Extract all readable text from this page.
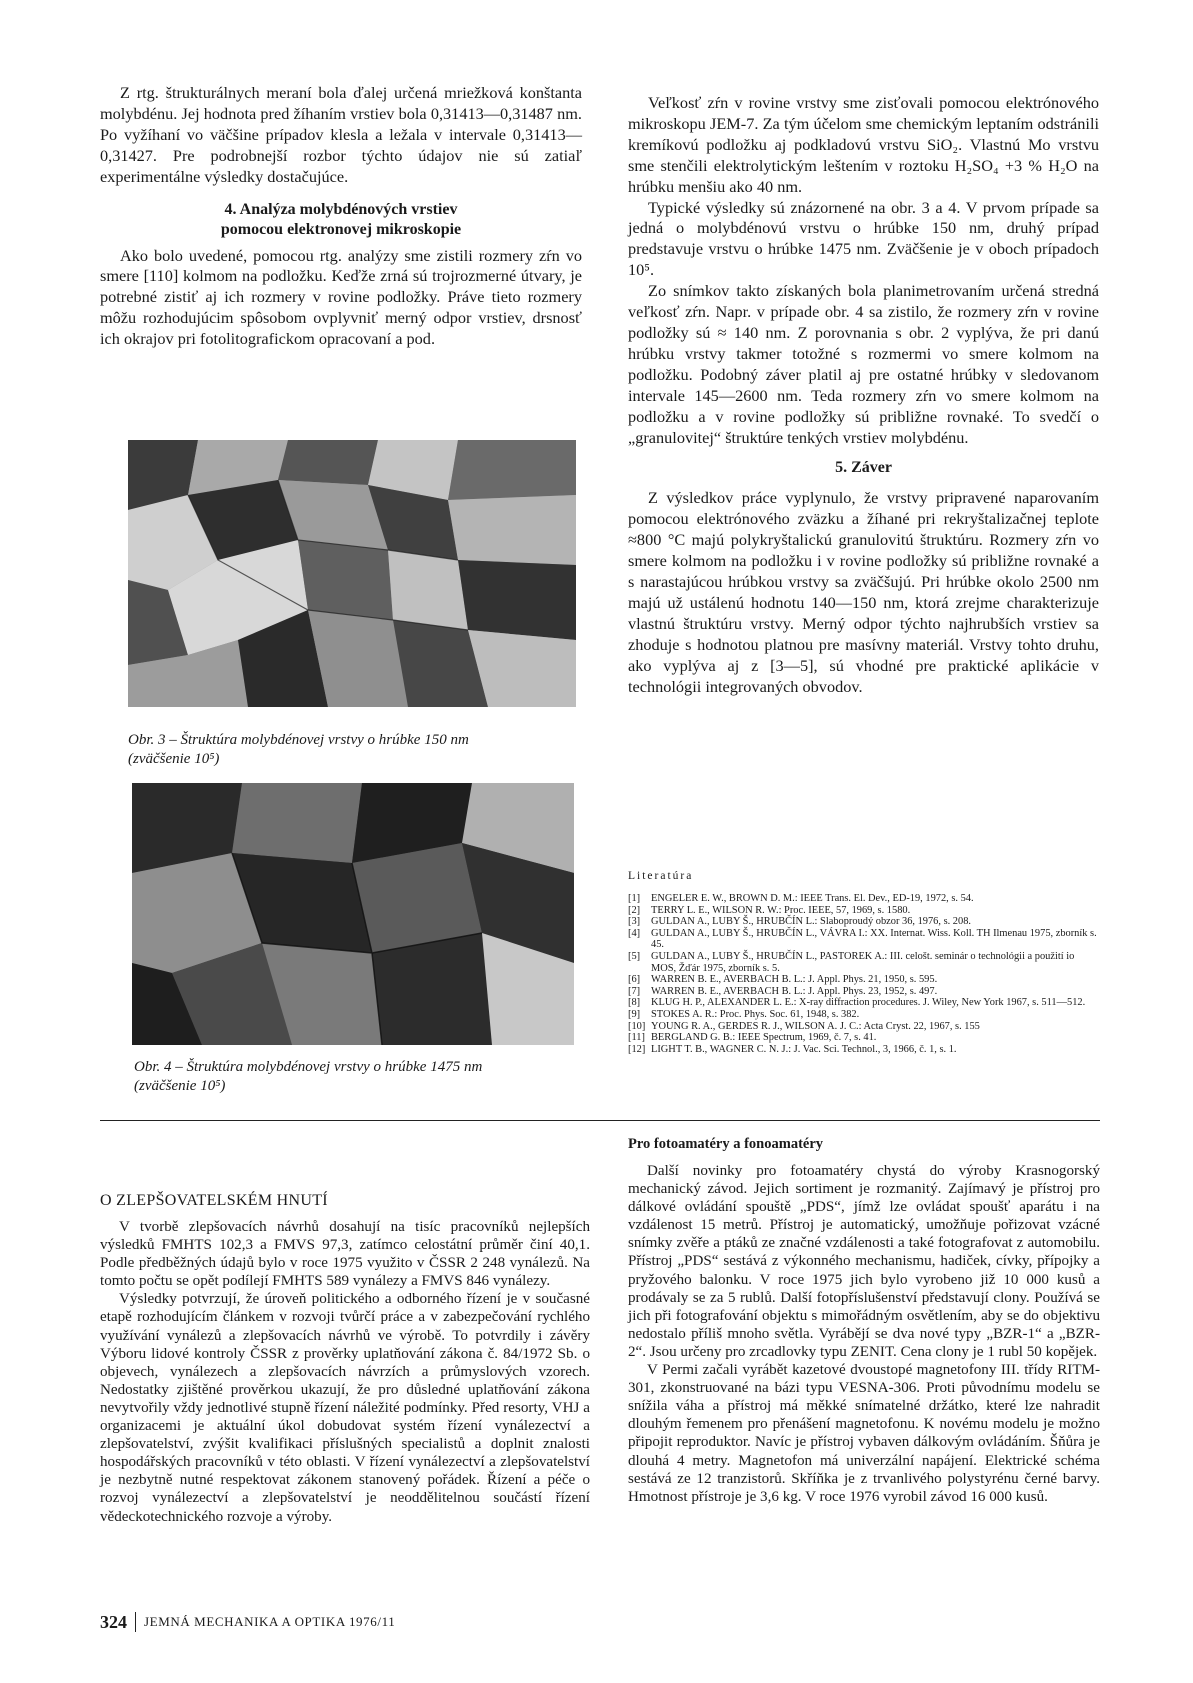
Z rtg. štrukturálnych meraní bola ďalej určená mriežková konštanta molybdénu. Jej hodnota pred žíhaním vrstiev bola 0,31413—0,31487 nm. Po vyžíhaní vo väčšine prípadov klesla a ležala v intervale 0,31413—0,31427. Pre podrobnejší rozbor týchto údajov nie sú zatiaľ experimentálne výsledky dostačujúce.

4. Analýza molybdénových vrstiev

pomocou elektronovej mikroskopie

Ako bolo uvedené, pomocou rtg. analýzy sme zistili rozmery zŕn vo smere [110] kolmom na podložku. Keďže zrná sú trojrozmerné útvary, je potrebné zistiť aj ich rozmery v rovine podložky. Práve tieto rozmery môžu rozhodujúcim spôsobom ovplyvniť merný odpor vrstiev, drsnosť ich okrajov pri fotolitografickom opracovaní a pod.

Obr. 3 – Štruktúra molybdénovej vrstvy o hrúbke 150 nm
(zväčšenie 10⁵)

Obr. 4 – Štruktúra molybdénovej vrstvy o hrúbke 1475 nm
(zväčšenie 10⁵)

Veľkosť zŕn v rovine vrstvy sme zisťovali pomocou elektrónového mikroskopu JEM-7. Za tým účelom sme chemickým leptaním odstránili kremíkovú podložku aj podkladovú vrstvu SiO₂. Vlastnú Mo vrstvu sme stenčili elektrolytickým leštením v roztoku H₂SO₄ +3 % H₂O na hrúbku menšiu ako 40 nm.

Typické výsledky sú znázornené na obr. 3 a 4. V prvom prípade sa jedná o molybdénovú vrstvu o hrúbke 150 nm, druhý prípad predstavuje vrstvu o hrúbke 1475 nm. Zväčšenie je v oboch prípadoch 10⁵.

Zo snímkov takto získaných bola planimetrovaním určená stredná veľkosť zŕn. Napr. v prípade obr. 4 sa zistilo, že rozmery zŕn v rovine podložky sú ≈ 140 nm. Z porovnania s obr. 2 vyplýva, že pri danú hrúbku vrstvy takmer totožné s rozmermi vo smere kolmom na podložku. Podobný záver platil aj pre ostatné hrúbky v sledovanom intervale 145—2600 nm. Teda rozmery zŕn vo smere kolmom na podložku a v rovine podložky sú približne rovnaké. To svedčí o „granulovitej“ štruktúre tenkých vrstiev molybdénu.

5. Záver

Z výsledkov práce vyplynulo, že vrstvy pripravené naparovaním pomocou elektrónového zväzku a žíhané pri rekryštalizačnej teplote ≈800 °C majú polykryštalickú granulovitú štruktúru. Rozmery zŕn vo smere kolmom na podložku i v rovine podložky sú približne rovnaké a s narastajúcou hrúbkou vrstvy sa zväčšujú. Pri hrúbke okolo 2500 nm majú už ustálenú hodnotu 140—150 nm, ktorá zrejme charakterizuje vlastnú štruktúru vrstvy. Merný odpor týchto najhrubších vrstiev sa zhoduje s hodnotou platnou pre masívny materiál. Vrstvy tohto druhu, ako vyplýva aj z [3—5], sú vhodné pre praktické aplikácie v technológii integrovaných obvodov.

Literatúra

[1]	ENGELER E. W., BROWN D. M.: IEEE Trans. El. Dev., ED-19, 1972, s. 54.
[2]	TERRY L. E., WILSON R. W.: Proc. IEEE, 57, 1969, s. 1580.
[3]	GULDAN A., LUBY Š., HRUBČÍN L.: Slaboproudý obzor 36, 1976, s. 208.
[4]	GULDAN A., LUBY Š., HRUBČÍN L., VÁVRA I.: XX. Internat. Wiss. Koll. TH Ilmenau 1975, zborník s. 45.
[5]	GULDAN A., LUBY Š., HRUBČÍN L., PASTOREK A.: III. celošt. seminár o technológii a použití io MOS, Žďár 1975, zborník s. 5.
[6]	WARREN B. E., AVERBACH B. L.: J. Appl. Phys. 21, 1950, s. 595.
[7]	WARREN B. E., AVERBACH B. L.: J. Appl. Phys. 23, 1952, s. 497.
[8]	KLUG H. P., ALEXANDER L. E.: X-ray diffraction procedures. J. Wiley, New York 1967, s. 511—512.
[9]	STOKES A. R.: Proc. Phys. Soc. 61, 1948, s. 382.
[10] YOUNG R. A., GERDES R. J., WILSON A. J. C.: Acta Cryst. 22, 1967, s. 155
[11] BERGLAND G. B.: IEEE Spectrum, 1969, č. 7, s. 41.
[12] LIGHT T. B., WAGNER C. N. J.: J. Vac. Sci. Technol., 3, 1966, č. 1, s. 1.

O ZLEPŠOVATELSKÉM HNUTÍ

V tvorbě zlepšovacích návrhů dosahují na tisíc pracovníků nejlepších výsledků FMHTS 102,3 a FMVS 97,3, zatímco celostátní průměr činí 40,1. Podle předběžných údajů bylo v roce 1975 využito v ČSSR 2 248 vynálezů. Na tomto počtu se opět podílejí FMHTS 589 vynálezy a FMVS 846 vynálezy.

Výsledky potvrzují, že úroveň politického a odborného řízení je v současné etapě rozhodujícím článkem v rozvoji tvůrčí práce a v zabezpečování rychlého využívání vynálezů a zlepšovacích návrhů ve výrobě. To potvrdily i závěry Výboru lidové kontroly ČSSR z prověrky uplatňování zákona č. 84/1972 Sb. o objevech, vynálezech a zlepšovacích návrzích a průmyslových vzorech. Nedostatky zjištěné prověrkou ukazují, že pro důsledné uplatňování zákona nevytvořily vždy jednotlivé stupně řízení náležité podmínky. Před resorty, VHJ a organizacemi je aktuální úkol dobudovat systém řízení vynálezectví a zlepšovatelství, zvýšit kvalifikaci příslušných specialistů a doplnit znalosti hospodářských pracovníků v této oblasti. V řízení vynálezectví a zlepšovatelství je nezbytně nutné respektovat zákonem stanovený pořádek. Řízení a péče o rozvoj vynálezectví a zlepšovatelství je neoddělitelnou součástí řízení vědeckotechnického rozvoje a výroby.

Pro fotoamatéry a fonoamatéry

Další novinky pro fotoamatéry chystá do výroby Krasnogorský mechanický závod. Jejich sortiment je rozmanitý. Zajímavý je přístroj pro dálkové ovládání spouště „PDS“, jímž lze ovládat spoušť aparátu i na vzdálenost 15 metrů. Přístroj je automatický, umožňuje pořizovat vzácné snímky zvěře a ptáků ze značné vzdálenosti a také fotografovat z automobilu. Přístroj „PDS“ sestává z výkonného mechanismu, hadiček, cívky, přípojky a pryžového balonku. V roce 1975 jich bylo vyrobeno již 10 000 kusů a prodávaly se za 5 rublů. Další fotopříslušenství představují clony. Používá se jich při fotografování objektu s mimořádným osvětlením, aby se do objektivu nedostalo příliš mnoho světla. Vyrábějí se dva nové typy „BZR-1“ a „BZR-2“. Jsou určeny pro zrcadlovky typu ZENIT. Cena clony je 1 rubl 50 kopějek.

V Permi začali vyrábět kazetové dvoustopé magnetofony III. třídy RITM-301, zkonstruované na bázi typu VESNA-306. Proti původnímu modelu se snížila váha a přístroj má měkké snímatelné držátko, které lze nahradit dlouhým řemenem pro přenášení magnetofonu. K novému modelu je možno připojit reproduktor. Navíc je přístroj vybaven dálkovým ovládáním. Šňůra je dlouhá 4 metry. Magnetofon má univerzální napájení. Elektrické schéma sestává ze 12 tranzistorů. Skříňka je z trvanlivého polystyrénu černé barvy. Hmotnost přístroje je 3,6 kg. V roce 1976 vyrobil závod 16 000 kusů.

324 JEMNÁ MECHANIKA A OPTIKA 1976/11
